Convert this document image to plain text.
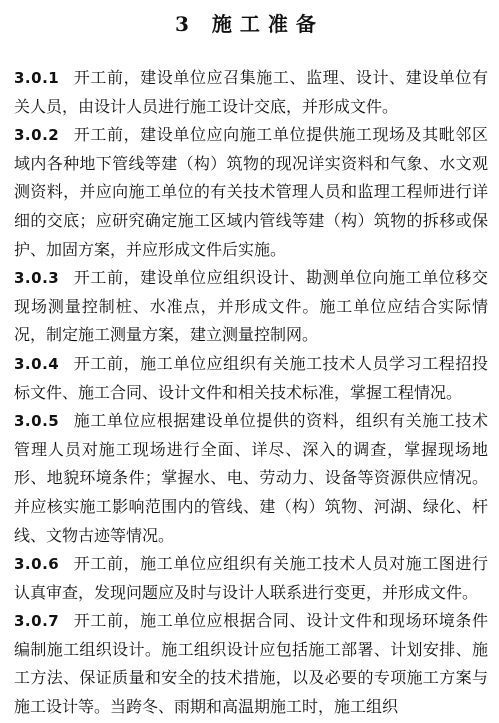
3 施工准备

3.0.1 开工前，建设单位应召集施工、监理、设计、建设单位有关人员，由设计人员进行施工设计交底，并形成文件。

3.0.2 开工前，建设单位应向施工单位提供施工现场及其毗邻区域内各种地下管线等建（构）筑物的现况详实资料和气象、水文观测资料，并应向施工单位的有关技术管理人员和监理工程师进行详细的交底；应研究确定施工区域内管线等建（构）筑物的拆移或保护、加固方案，并应形成文件后实施。

3.0.3 开工前，建设单位应组织设计、勘测单位向施工单位移交现场测量控制桩、水准点，并形成文件。施工单位应结合实际情况，制定施工测量方案，建立测量控制网。

3.0.4 开工前，施工单位应组织有关施工技术人员学习工程招投标文件、施工合同、设计文件和相关技术标准，掌握工程情况。

3.0.5 施工单位应根据建设单位提供的资料，组织有关施工技术管理人员对施工现场进行全面、详尽、深入的调查，掌握现场地形、地貌环境条件；掌握水、电、劳动力、设备等资源供应情况。并应核实施工影响范围内的管线、建（构）筑物、河湖、绿化、杆线、文物古迹等情况。

3.0.6 开工前，施工单位应组织有关施工技术人员对施工图进行认真审查，发现问题应及时与设计人联系进行变更，并形成文件。

3.0.7 开工前，施工单位应根据合同、设计文件和现场环境条件编制施工组织设计。施工组织设计应包括施工部署、计划安排、施工方法、保证质量和安全的技术措施，以及必要的专项施工方案与施工设计等。当跨冬、雨期和高温期施工时，施工组织
